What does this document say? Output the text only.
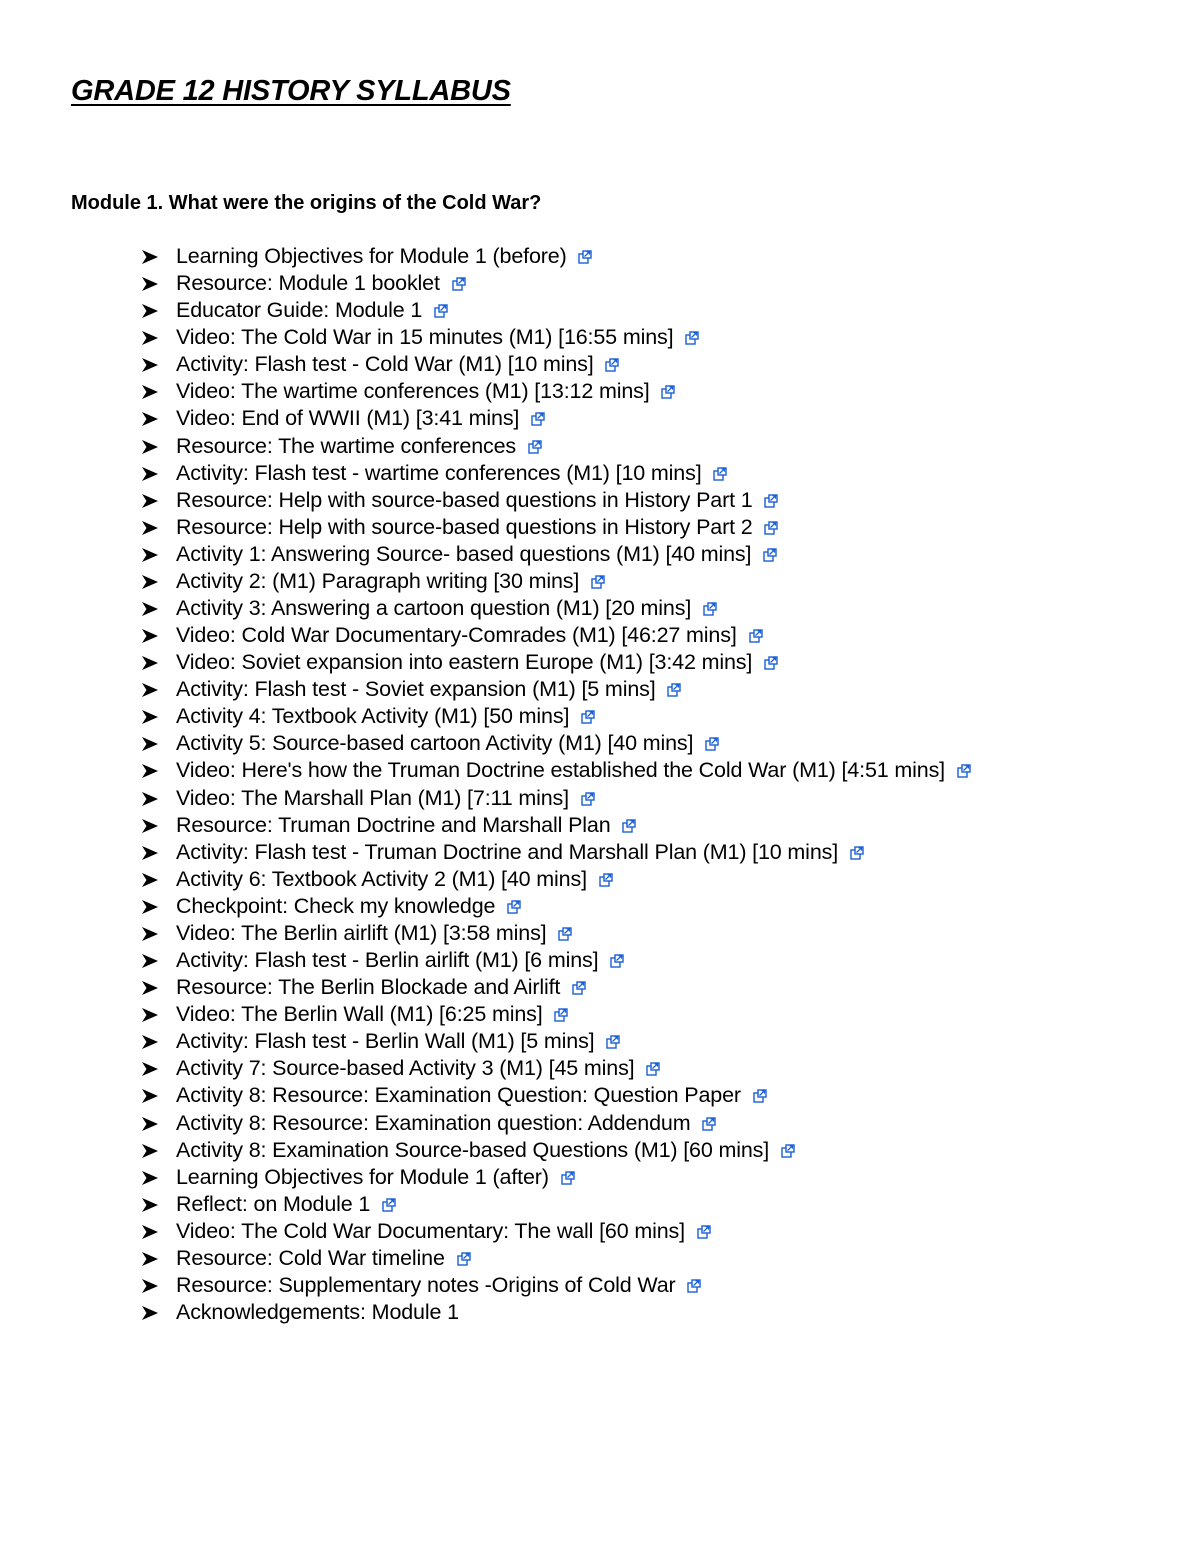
GRADE 12 HISTORY SYLLABUS
Module 1. What were the origins of the Cold War?
Learning Objectives for Module 1 (before)
Resource: Module 1 booklet
Educator Guide: Module 1
Video: The Cold War in 15 minutes (M1) [16:55 mins]
Activity: Flash test - Cold War (M1) [10 mins]
Video: The wartime conferences (M1) [13:12 mins]
Video: End of WWII (M1) [3:41 mins]
Resource: The wartime conferences
Activity: Flash test - wartime conferences (M1) [10 mins]
Resource: Help with source-based questions in History Part 1
Resource: Help with source-based questions in History Part 2
Activity 1: Answering Source- based questions (M1) [40 mins]
Activity 2: (M1) Paragraph writing [30 mins]
Activity 3: Answering a cartoon question (M1) [20 mins]
Video: Cold War Documentary-Comrades (M1) [46:27 mins]
Video: Soviet expansion into eastern Europe (M1) [3:42 mins]
Activity: Flash test - Soviet expansion (M1) [5 mins]
Activity 4: Textbook Activity (M1) [50 mins]
Activity 5: Source-based cartoon Activity (M1) [40 mins]
Video: Here's how the Truman Doctrine established the Cold War (M1) [4:51 mins]
Video: The Marshall Plan (M1) [7:11 mins]
Resource: Truman Doctrine and Marshall Plan
Activity: Flash test - Truman Doctrine and Marshall Plan (M1) [10 mins]
Activity 6: Textbook Activity 2 (M1) [40 mins]
Checkpoint: Check my knowledge
Video: The Berlin airlift (M1) [3:58 mins]
Activity: Flash test - Berlin airlift (M1) [6 mins]
Resource: The Berlin Blockade and Airlift
Video: The Berlin Wall (M1) [6:25 mins]
Activity: Flash test - Berlin Wall (M1) [5 mins]
Activity 7: Source-based Activity 3 (M1) [45 mins]
Activity 8: Resource: Examination Question: Question Paper
Activity 8: Resource: Examination question: Addendum
Activity 8: Examination Source-based Questions (M1) [60 mins]
Learning Objectives for Module 1 (after)
Reflect: on Module 1
Video: The Cold War Documentary: The wall [60 mins]
Resource: Cold War timeline
Resource: Supplementary notes -Origins of Cold War
Acknowledgements: Module 1
